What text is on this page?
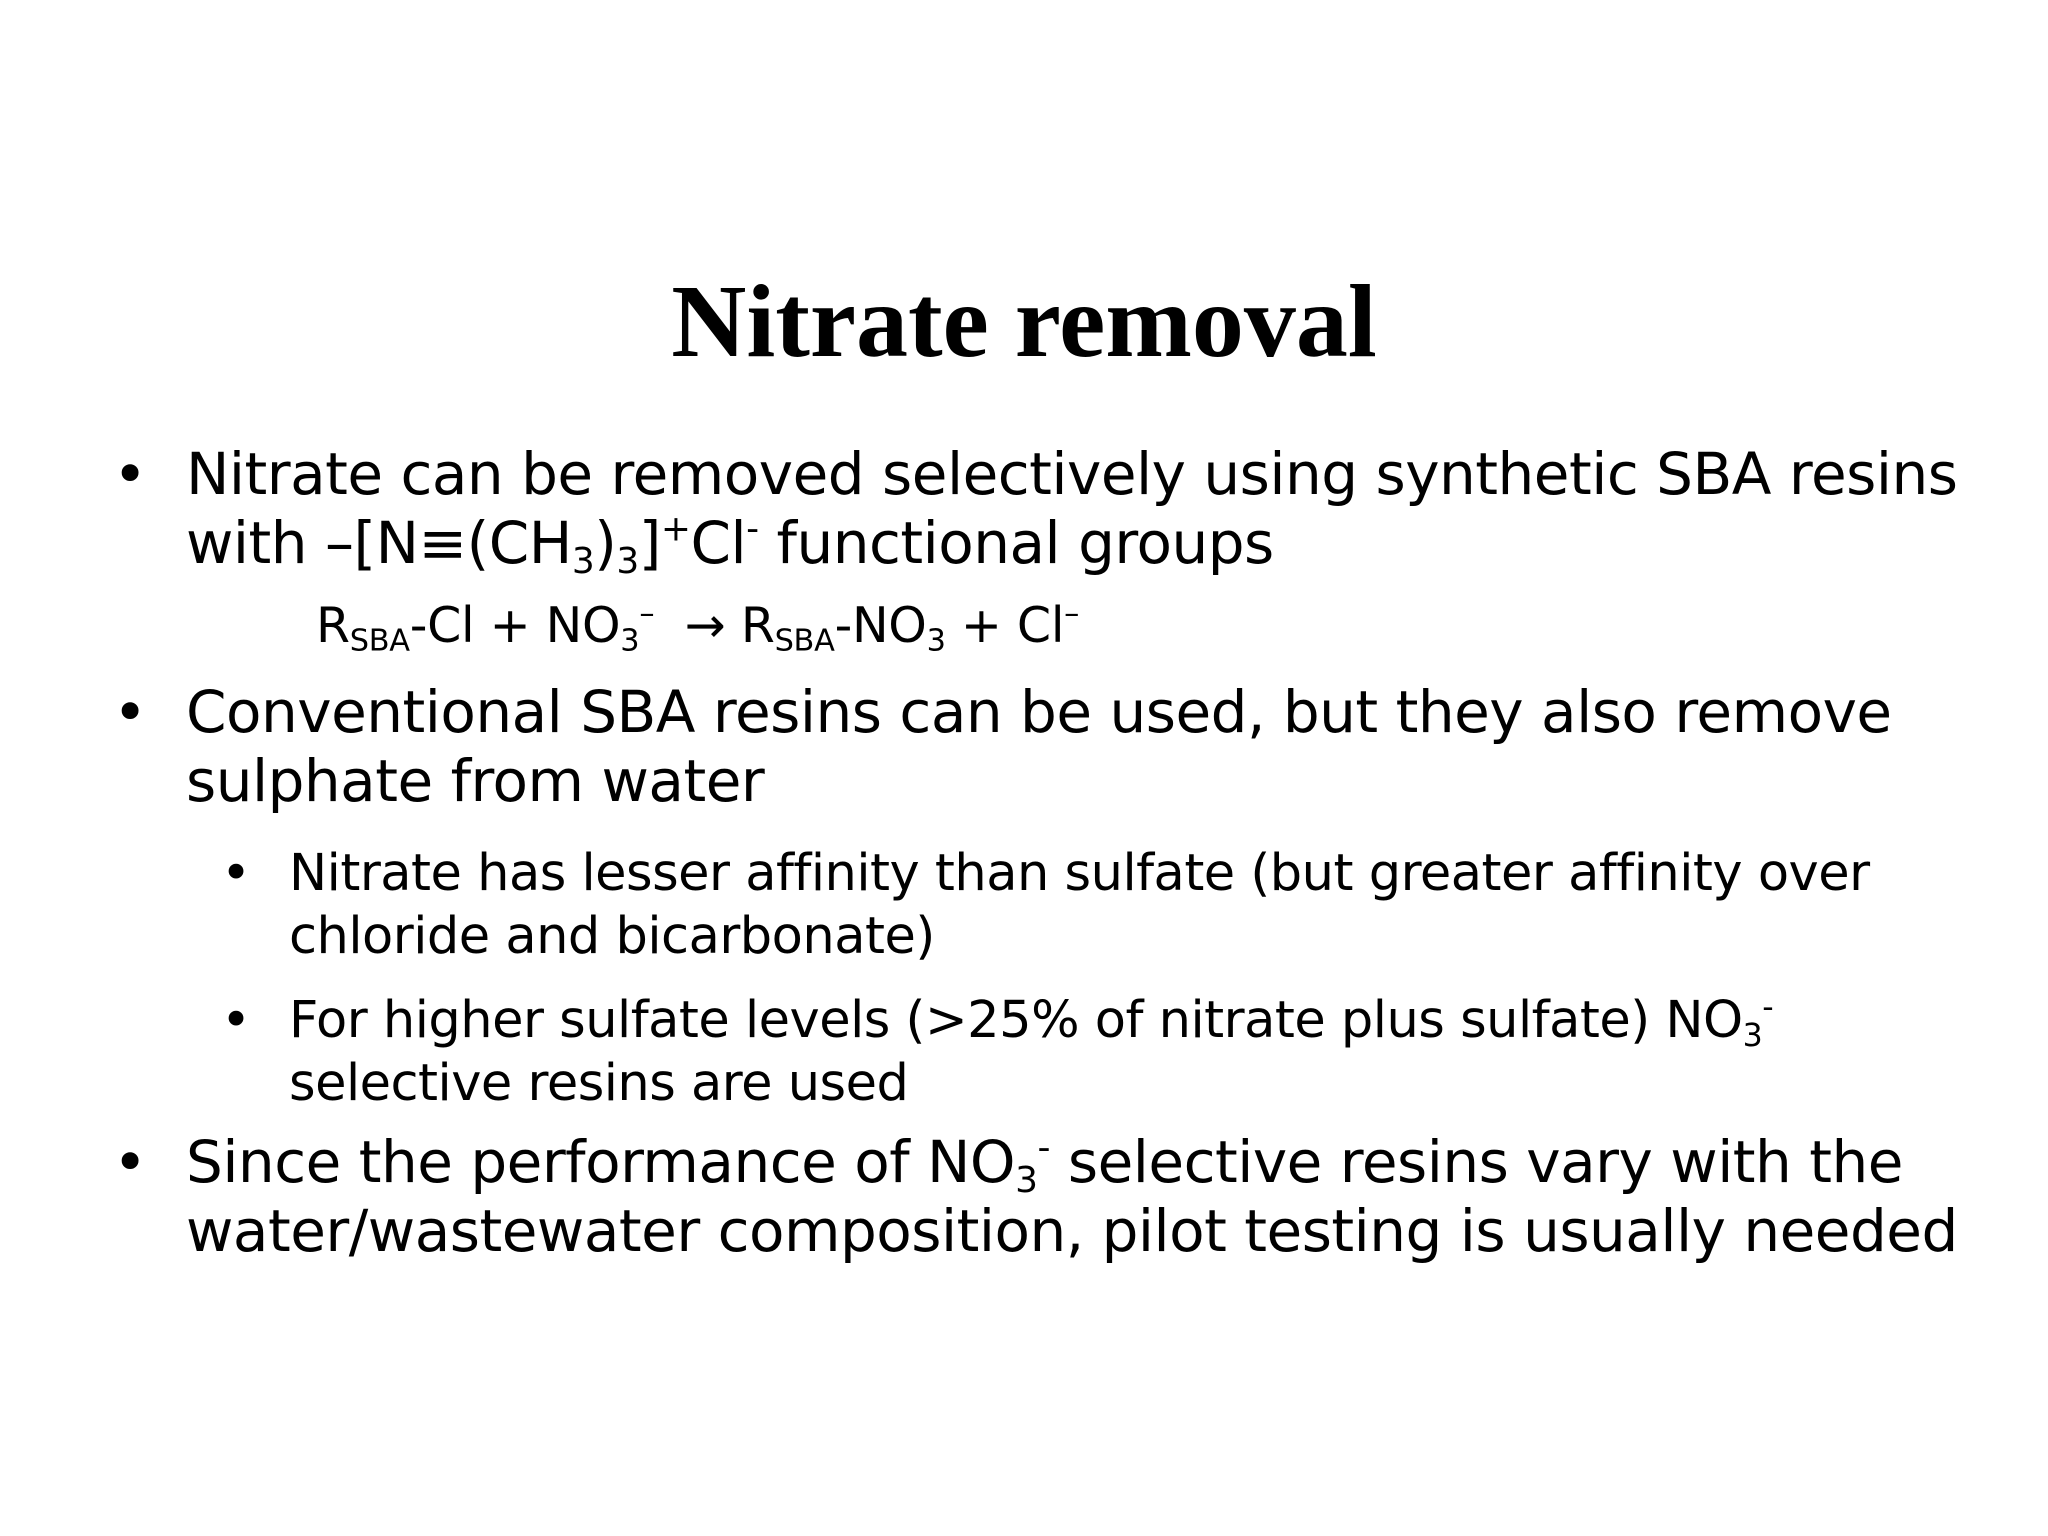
Nitrate removal
• Nitrate can be removed selectively using synthetic SBA resins
with –[N≡(CH3)3]+Cl- functional groups
RSBA-Cl + NO3–  → RSBA-NO3 + Cl–
• Conventional SBA resins can be used, but they also remove
sulphate from water
• Nitrate has lesser affinity than sulfate (but greater affinity over
chloride and bicarbonate)
• For higher sulfate levels (>25% of nitrate plus sulfate) NO3-
selective resins are used
• Since the performance of NO3- selective resins vary with the
water/wastewater composition, pilot testing is usually needed
